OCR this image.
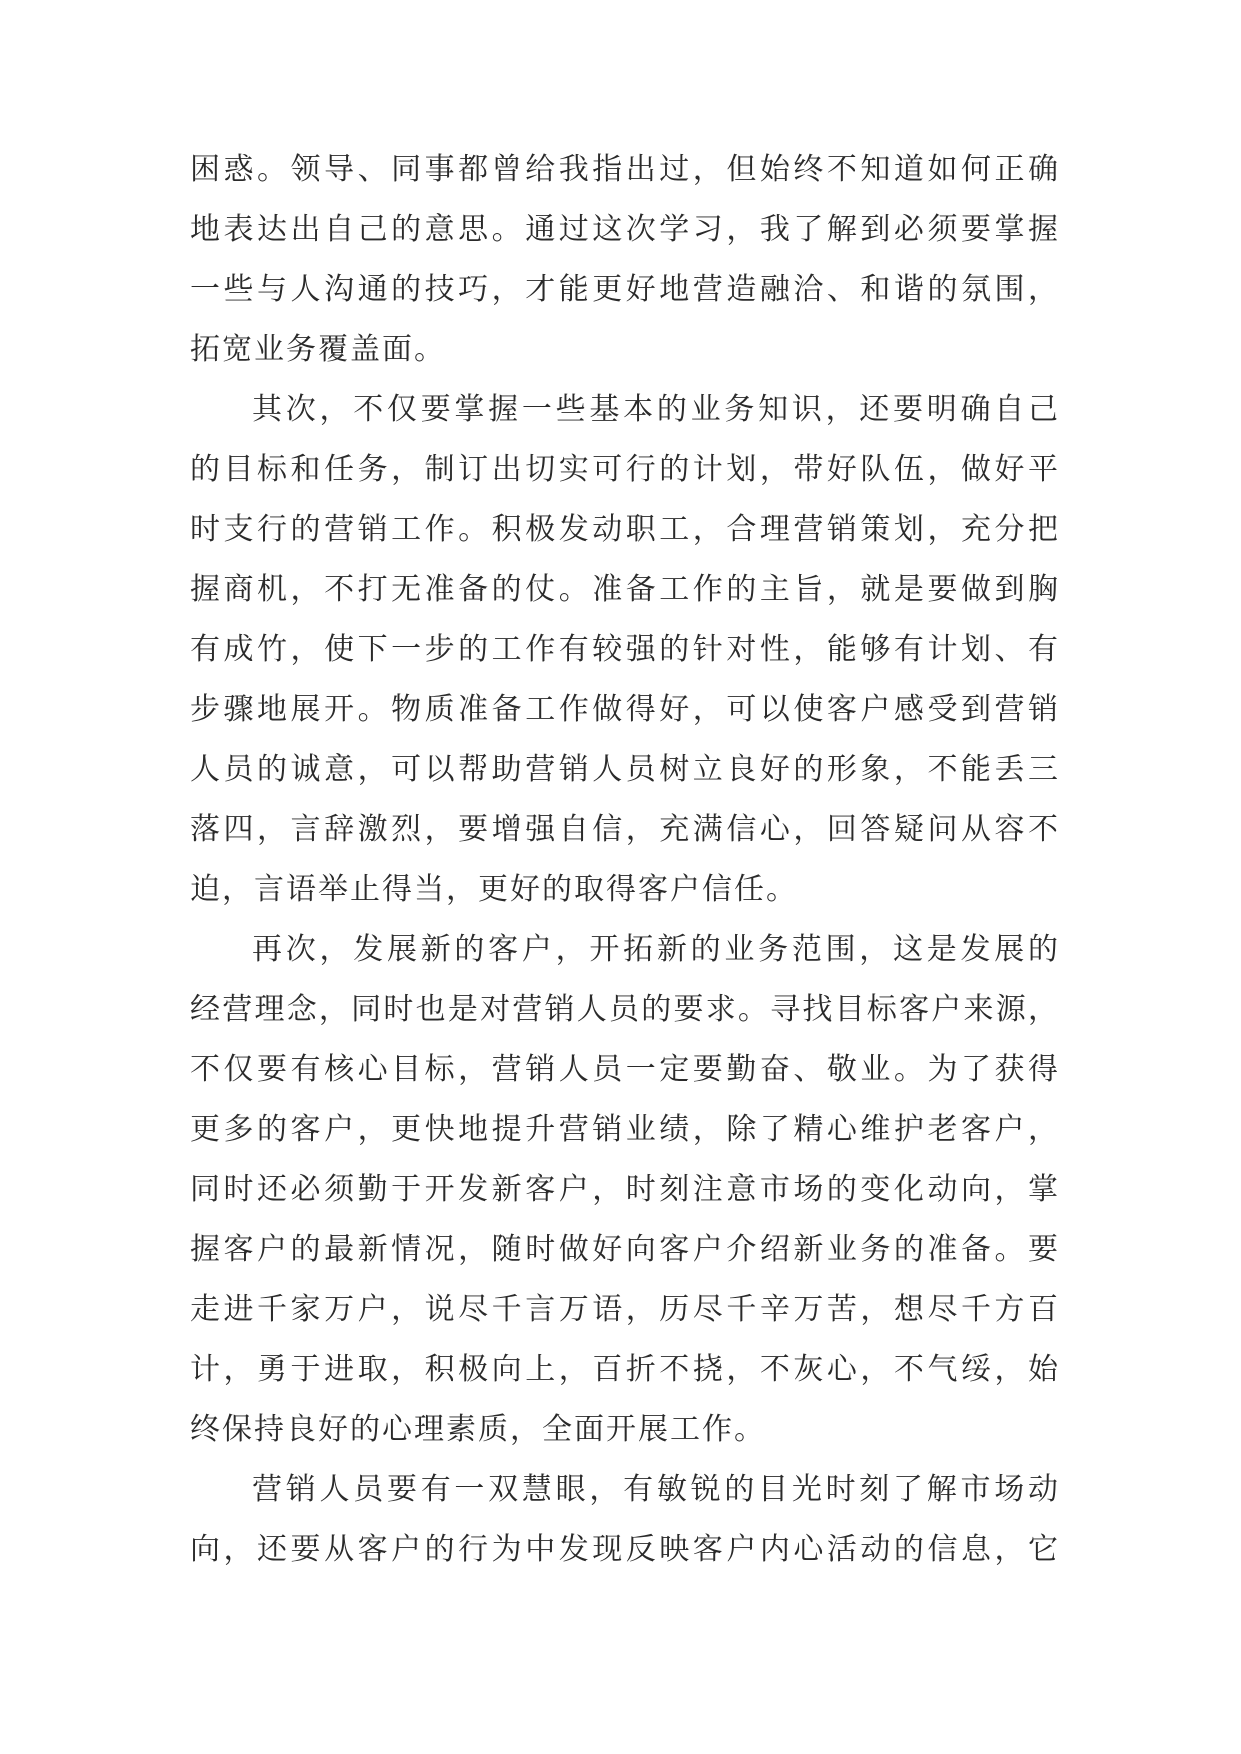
困惑。领导、同事都曾给我指出过，但始终不知道如何正确
地表达出自己的意思。通过这次学习，我了解到必须要掌握
一些与人沟通的技巧，才能更好地营造融洽、和谐的氛围，
拓宽业务覆盖面。
其次，不仅要掌握一些基本的业务知识，还要明确自己
的目标和任务，制订出切实可行的计划，带好队伍，做好平
时支行的营销工作。积极发动职工，合理营销策划，充分把
握商机，不打无准备的仗。准备工作的主旨，就是要做到胸
有成竹，使下一步的工作有较强的针对性，能够有计划、有
步骤地展开。物质准备工作做得好，可以使客户感受到营销
人员的诚意，可以帮助营销人员树立良好的形象，不能丢三
落四，言辞激烈，要增强自信，充满信心，回答疑问从容不
迫，言语举止得当，更好的取得客户信任。
再次，发展新的客户，开拓新的业务范围，这是发展的
经营理念，同时也是对营销人员的要求。寻找目标客户来源，
不仅要有核心目标，营销人员一定要勤奋、敬业。为了获得
更多的客户，更快地提升营销业绩，除了精心维护老客户，
同时还必须勤于开发新客户，时刻注意市场的变化动向，掌
握客户的最新情况，随时做好向客户介绍新业务的准备。要
走进千家万户，说尽千言万语，历尽千辛万苦，想尽千方百
计，勇于进取，积极向上，百折不挠，不灰心，不气绥，始
终保持良好的心理素质，全面开展工作。
营销人员要有一双慧眼，有敏锐的目光时刻了解市场动
向，还要从客户的行为中发现反映客户内心活动的信息，它
